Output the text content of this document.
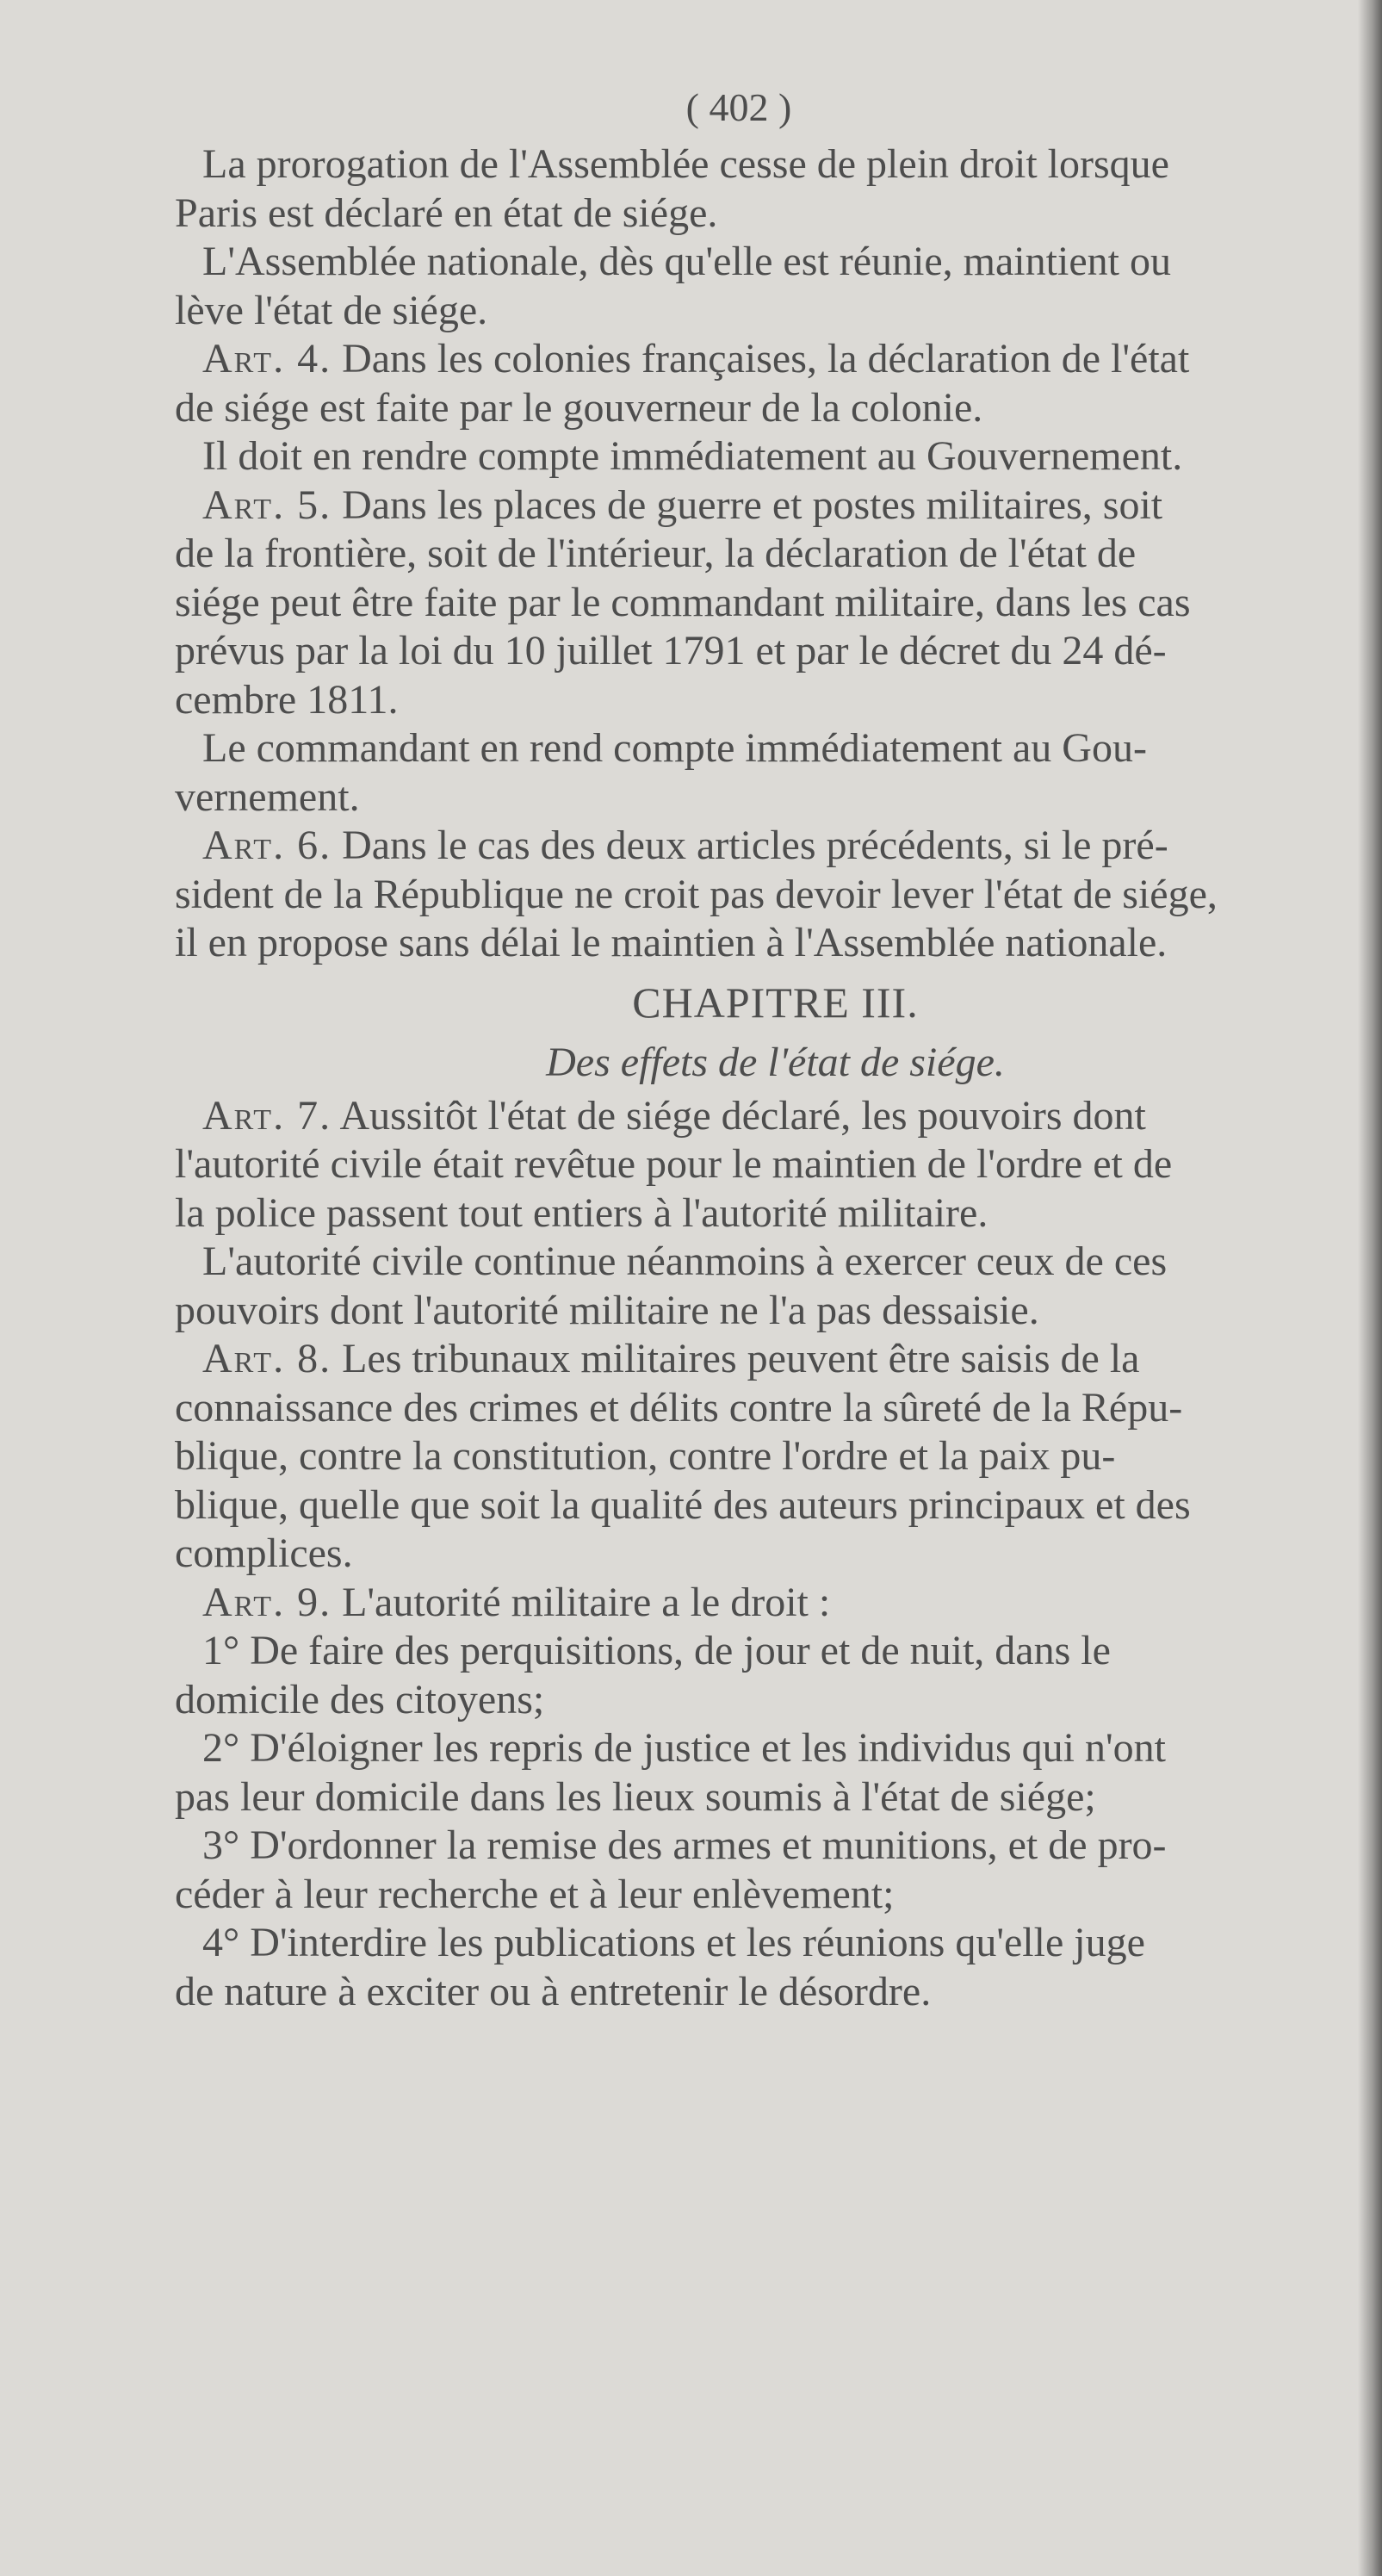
( 402 )
La prorogation de l'Assemblée cesse de plein droit lorsque
Paris est déclaré en état de siége.
L'Assemblée nationale, dès qu'elle est réunie, maintient ou
lève l'état de siége.
Art. 4. Dans les colonies françaises, la déclaration de l'état
de siége est faite par le gouverneur de la colonie.
Il doit en rendre compte immédiatement au Gouvernement.
Art. 5. Dans les places de guerre et postes militaires, soit
de la frontière, soit de l'intérieur, la déclaration de l'état de
siége peut être faite par le commandant militaire, dans les cas
prévus par la loi du 10 juillet 1791 et par le décret du 24 dé-
cembre 1811.
Le commandant en rend compte immédiatement au Gou-
vernement.
Art. 6. Dans le cas des deux articles précédents, si le pré-
sident de la République ne croit pas devoir lever l'état de siége,
il en propose sans délai le maintien à l'Assemblée nationale.
CHAPITRE III.
Des effets de l'état de siége.
Art. 7. Aussitôt l'état de siége déclaré, les pouvoirs dont
l'autorité civile était revêtue pour le maintien de l'ordre et de
la police passent tout entiers à l'autorité militaire.
L'autorité civile continue néanmoins à exercer ceux de ces
pouvoirs dont l'autorité militaire ne l'a pas dessaisie.
Art. 8. Les tribunaux militaires peuvent être saisis de la
connaissance des crimes et délits contre la sûreté de la Répu-
blique, contre la constitution, contre l'ordre et la paix pu-
blique, quelle que soit la qualité des auteurs principaux et des
complices.
Art. 9. L'autorité militaire a le droit :
1° De faire des perquisitions, de jour et de nuit, dans le
domicile des citoyens;
2° D'éloigner les repris de justice et les individus qui n'ont
pas leur domicile dans les lieux soumis à l'état de siége;
3° D'ordonner la remise des armes et munitions, et de pro-
céder à leur recherche et à leur enlèvement;
4° D'interdire les publications et les réunions qu'elle juge
de nature à exciter ou à entretenir le désordre.
